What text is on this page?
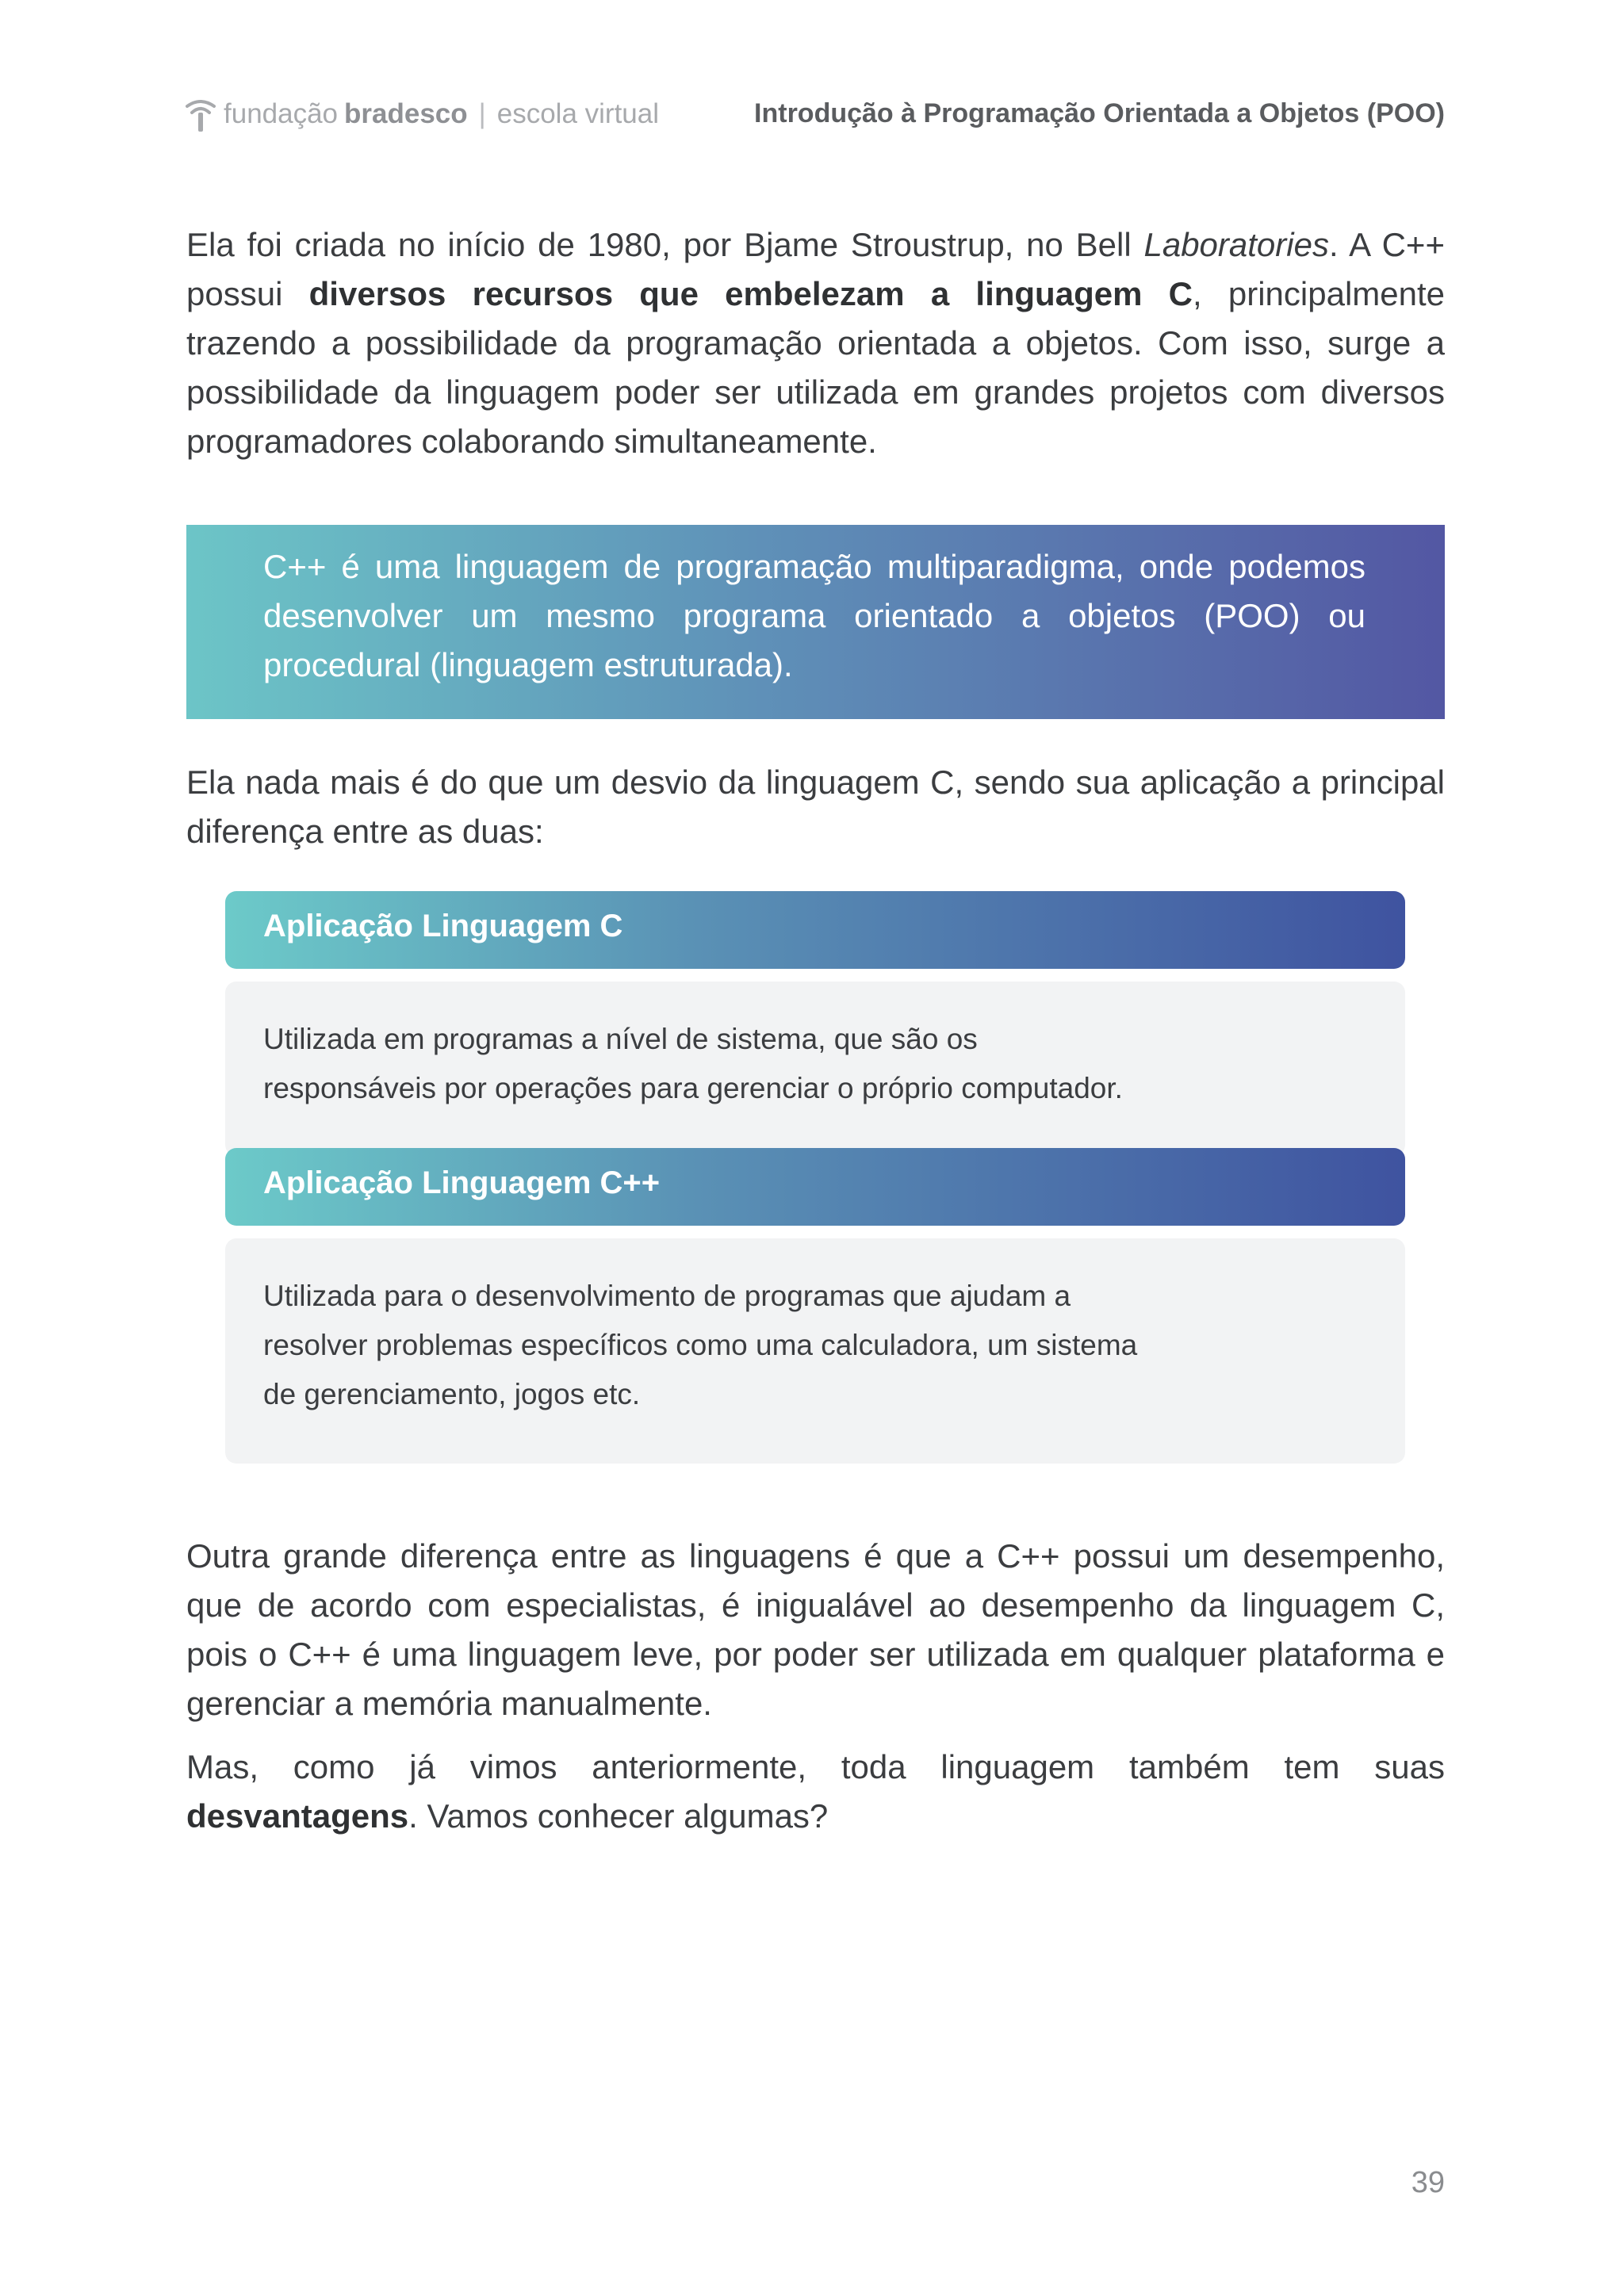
fundação bradesco | escola virtual	Introdução à Programação Orientada a Objetos (POO)

Ela foi criada no início de 1980, por Bjame Stroustrup, no Bell Laboratories. A C++ possui diversos recursos que embelezam a linguagem C, principalmente trazendo a possibilidade da programação orientada a objetos. Com isso, surge a possibilidade da linguagem poder ser utilizada em grandes projetos com diversos programadores colaborando simultaneamente.

C++ é uma linguagem de programação multiparadigma, onde podemos desenvolver um mesmo programa orientado a objetos (POO) ou procedural (linguagem estruturada).

Ela nada mais é do que um desvio da linguagem C, sendo sua aplicação a principal diferença entre as duas:

Utilizada em programas a nível de sistema, que são os
responsáveis por operações para gerenciar o próprio computador.

Aplicação Linguagem C

Utilizada para o desenvolvimento de programas que ajudam a
resolver problemas específicos como uma calculadora, um sistema
de gerenciamento, jogos etc.

Aplicação Linguagem C++

Outra grande diferença entre as linguagens é que a C++ possui um desempenho, que de acordo com especialistas, é inigualável ao desempenho da linguagem C, pois o C++ é uma linguagem leve, por poder ser utilizada em qualquer plataforma e gerenciar a memória manualmente.

Mas, como já vimos anteriormente, toda linguagem também tem suas desvantagens. Vamos conhecer algumas?

39
